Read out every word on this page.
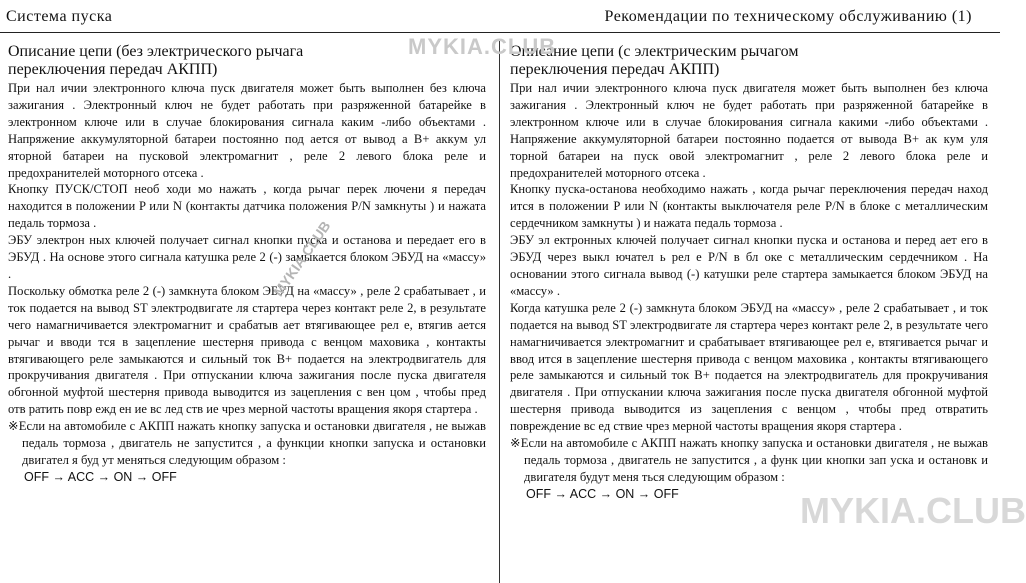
Система пуска	Рекомендации по техническому обслуживанию (1)
Описание цепи (без электрического рычага
переключения передач АКПП)

При нал ичии электронного ключа пуск двигателя может быть выполнен без ключа зажигания . Электронный ключ не будет работать при разряженной батарейке в электронном ключе или в случае блокирования сигнала каким -либо объектами . Напряжение аккумуляторной батареи постоянно под ается от вывод а B+ аккум ул яторной батареи на пусковой электромагнит , реле 2 левого блока реле и предохранителей моторного отсека .

Кнопку ПУСК/СТОП необ ходи мо нажать , когда рычаг перек лючени я передач находится в положении P или N (контакты датчика положения P/N замкнуты ) и нажата педаль тормоза .

ЭБУ электрон ных ключей получает сигнал кнопки пуска и останова и передает его в ЭБУД . На основе этого сигнала катушка реле 2 (-) замыкается блоком ЭБУД на «массу» .

Поскольку обмотка реле 2 (-) замкнута блоком ЭБУД на «массу» , реле 2 срабатывает , и ток подается на вывод ST электродвигате ля стартера через контакт реле 2, в результате чего намагничивается электромагнит и срабатыв ает втягивающее рел е, втягив ается рычаг и вводи тся в зацепление шестерня привода с венцом маховика , контакты втягивающего реле замыкаются и сильный ток B+ подается на электродвигатель для прокручивания двигателя . При отпускании ключа зажигания после пуска двигателя обгонной муфтой шестерня привода выводится из зацепления с вен цом , чтобы пред отв ратить повр ежд ен ие вс лед ств ие чрез мерной частоты вращения якоря стартера .

※Если на автомобиле с АКПП нажать кнопку запуска и остановки двигателя , не выжав педаль тормоза , двигатель не запустится , а функции кнопки запуска и остановки двигател я буд ут меняться следующим образом :

OFF → ACC → ON → OFF

Описание цепи (с электрическим рычагом
переключения передач АКПП)

При нал ичии электронного ключа пуск двигателя может быть выполнен без ключа зажигания . Электронный ключ не будет работать при разряженной батарейке в электронном ключе или в случае блокирования сигнала какими -либо объектами . Напряжение аккумуляторной батареи постоянно подается от вывода B+ ак кум уля торной батареи на пуск овой электромагнит , реле 2 левого блока реле и предохранителей моторного отсека .

Кнопку пуска-останова необходимо нажать , когда рычаг переключения передач наход ится в положении P или N (контакты выключателя реле P/N в блоке с металлическим сердечником замкнуты ) и нажата педаль тормоза .

ЭБУ эл ектронных ключей получает сигнал кнопки пуска и останова и перед ает его в ЭБУД через выкл ючател ь рел е P/N в бл оке с металлическим сердечником . На основании этого сигнала вывод (-) катушки реле стартера замыкается блоком ЭБУД на «массу» .

Когда катушка реле 2 (-) замкнута блоком ЭБУД на «массу» , реле 2 срабатывает , и ток подается на вывод ST электродвигате ля стартера через контакт реле 2, в результате чего намагничивается электромагнит и срабатывает втягивающее рел е, втягивается рычаг и ввод ится в зацепление шестерня привода с венцом маховика , контакты втягивающего реле замыкаются и сильный ток B+ подается на электродвигатель для прокручивания двигателя . При отпускании ключа зажигания после пуска двигателя обгонной муфтой шестерня привода выводится из зацепления с венцом , чтобы пред отвратить повреждение вс ед ствие чрез мерной частоты вращения якоря стартера .

※Если на автомобиле с АКПП нажать кнопку запуска и остановки двигателя , не выжав педаль тормоза , двигатель не запустится , а функ ции кнопки зап уска и остановк и двигателя будут меня ться следующим образом :

OFF → ACC → ON → OFF

MYKIA.CLUB
MYKIA.CLUB
MYKIA.CLUB
